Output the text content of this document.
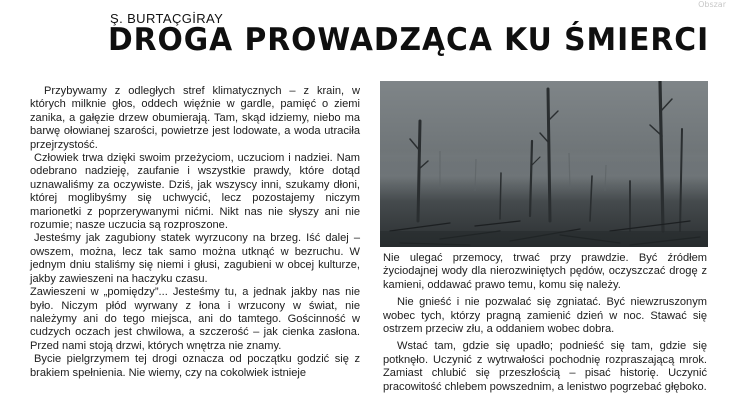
Obszar
Ş. BURTAÇGİRAY
DROGA PROWADZĄCA KU ŚMIERCI

Przybywamy z odległych stref klimatycznych – z krain, w których milknie głos, oddech więźnie w gardle, pamięć o ziemi zanika, a gałęzie drzew obumierają. Tam, skąd idziemy, niebo ma barwę ołowianej szarości, powietrze jest lodowate, a woda utraciła przejrzystość.

Człowiek trwa dzięki swoim przeżyciom, uczuciom i nadziei. Nam odebrano nadzieję, zaufanie i wszystkie prawdy, które dotąd uznawaliśmy za oczywiste. Dziś, jak wszyscy inni, szukamy dłoni, której moglibyśmy się uchwycić, lecz pozostajemy niczym marionetki z poprzerywanymi nićmi. Nikt nas nie słyszy ani nie rozumie; nasze uczucia są rozproszone.

Jesteśmy jak zagubiony statek wyrzucony na brzeg. Iść dalej – owszem, można, lecz tak samo można utknąć w bezruchu. W jednym dniu staliśmy się niemi i głusi, zagubieni w obcej kulturze, jakby zawieszeni na haczyku czasu.

Zawieszeni w „pomiędzy”... Jesteśmy tu, a jednak jakby nas nie było. Niczym płód wyrwany z łona i wrzucony w świat, nie należymy ani do tego miejsca, ani do tamtego. Gościnność w cudzych oczach jest chwilowa, a szczerość – jak cienka zasłona. Przed nami stoją drzwi, których wnętrza nie znamy.

Bycie pielgrzymem tej drogi oznacza od początku godzić się z brakiem spełnienia. Nie wiemy, czy na cokolwiek istnieje

Nie ulegać przemocy, trwać przy prawdzie. Być źródłem życiodajnej wody dla nierozwiniętych pędów, oczyszczać drogę z kamieni, oddawać prawo temu, komu się należy.

Nie gnieść i nie pozwalać się zgniatać. Być niewzruszonym wobec tych, którzy pragną zamienić dzień w noc. Stawać się ostrzem przeciw złu, a oddaniem wobec dobra.

Wstać tam, gdzie się upadło; podnieść się tam, gdzie się potknęło. Uczynić z wytrwałości pochodnię rozpraszającą mrok. Zamiast chlubić się przeszłością – pisać historię. Uczynić pracowitość chlebem powszednim, a lenistwo pogrzebać głęboko.
